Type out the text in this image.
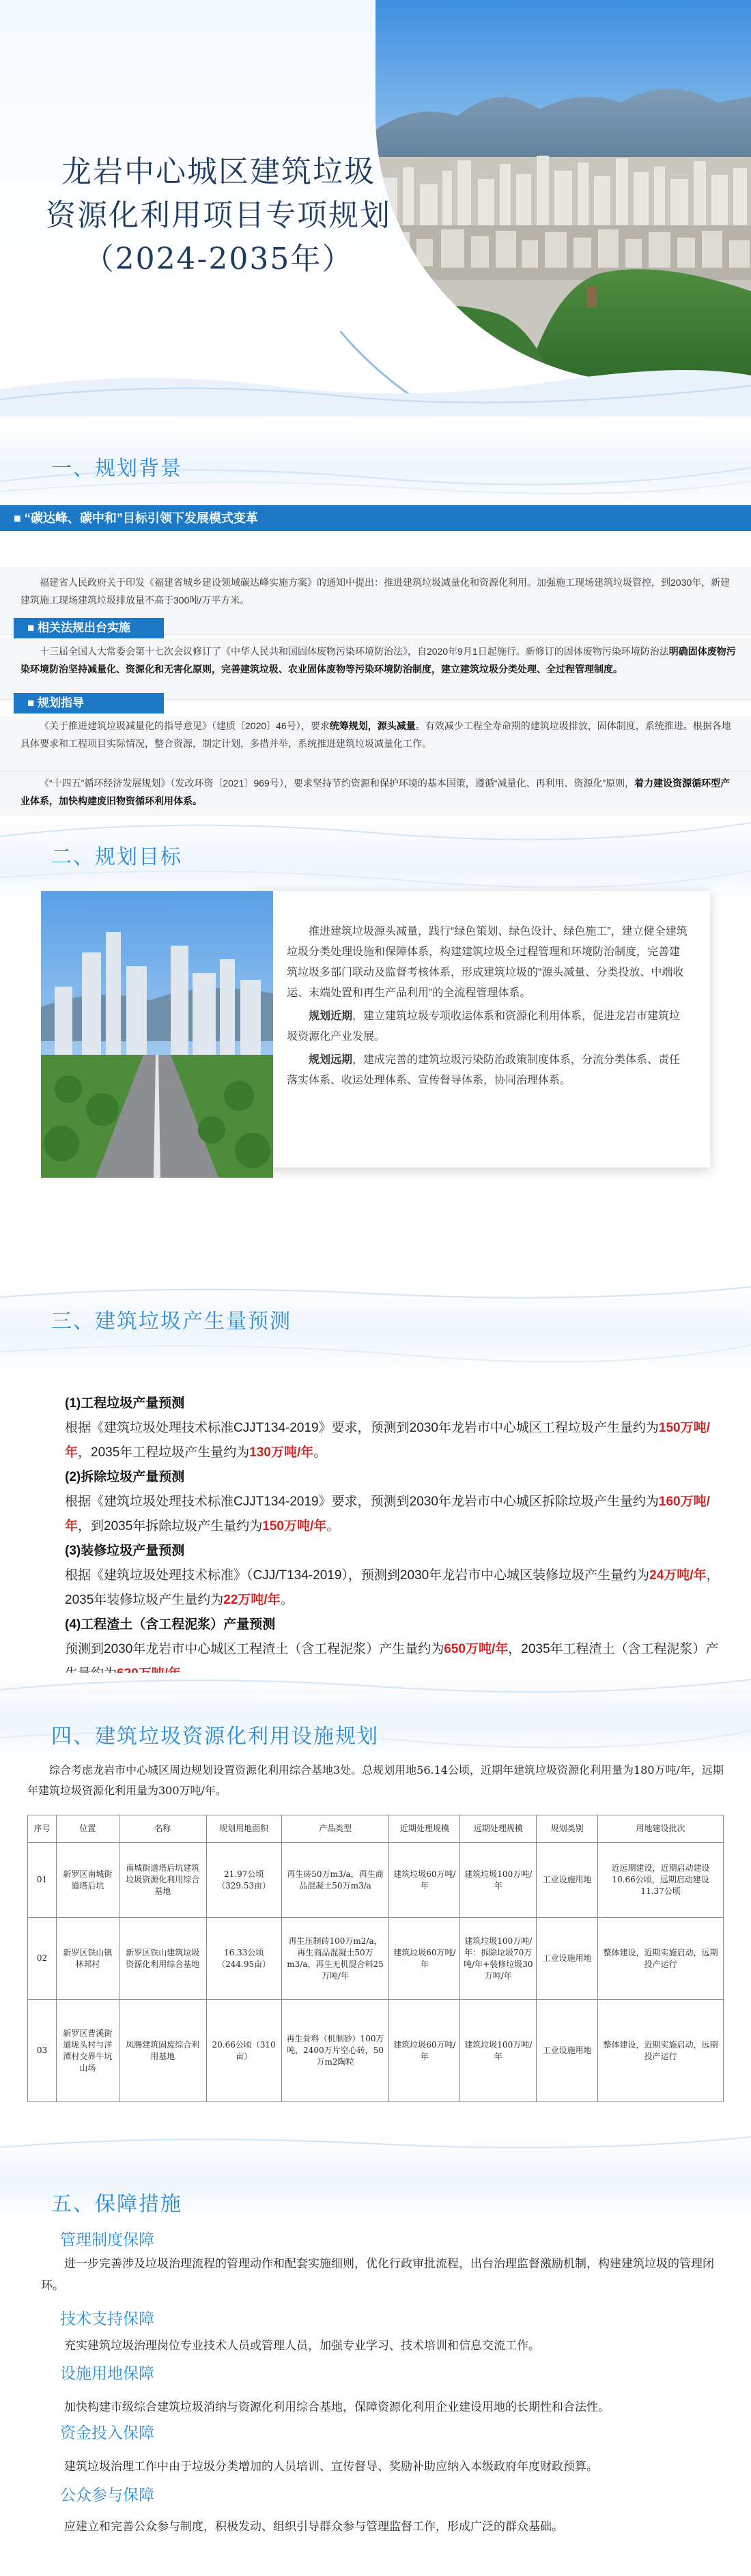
龙岩中心城区建筑垃圾
资源化利用项目专项规划
（2024-2035年）
一、规划背景
■ “碳达峰、碳中和”目标引领下发展模式变革
福建省人民政府关于印发《福建省城乡建设领域碳达峰实施方案》的通知中提出：推进建筑垃圾减量化和资源化利用。加强施工现场建筑垃圾管控，到2030年，新建建筑施工现场建筑垃圾排放量不高于300吨/万平方米。
■ 相关法规出台实施
十三届全国人大常委会第十七次会议修订了《中华人民共和国固体废物污染环境防治法》，自2020年9月1日起施行。新修订的固体废物污染环境防治法明确固体废物污染环境防治坚持减量化、资源化和无害化原则，完善建筑垃圾、农业固体废物等污染环境防治制度，建立建筑垃圾分类处理、全过程管理制度。
■ 规划指导
《关于推进建筑垃圾减量化的指导意见》（建质〔2020〕46号），要求统筹规划，源头减量。有效减少工程全寿命期的建筑垃圾排放，固体制度，系统推进。根据各地具体要求和工程项目实际情况，整合资源，制定计划，多措并举，系统推进建筑垃圾减量化工作。
《“十四五”循环经济发展规划》（发改环资〔2021〕969号），要求坚持节约资源和保护环境的基本国策，遵循“减量化、再利用、资源化”原则，着力建设资源循环型产业体系，加快构建废旧物资循环利用体系。
二、规划目标

推进建筑垃圾源头减量，践行“绿色策划、绿色设计、绿色施工”，建立健全建筑垃圾分类处理设施和保障体系，构建建筑垃圾全过程管理和环境防治制度，完善建筑垃圾多部门联动及监督考核体系，形成建筑垃圾的“源头减量、分类投放、中端收运、末端处置和再生产品利用”的全流程管理体系。

规划近期，建立建筑垃圾专项收运体系和资源化利用体系，促进龙岩市建筑垃圾资源化产业发展。

规划远期，建成完善的建筑垃圾污染防治政策制度体系，分流分类体系、责任落实体系、收运处理体系、宣传督导体系，协同治理体系。

三、建筑垃圾产生量预测
(1)工程垃圾产量预测
根据《建筑垃圾处理技术标准CJJT134-2019》要求，预测到2030年龙岩市中心城区工程垃圾产生量约为150万吨/年，2035年工程垃圾产生量约为130万吨/年。
(2)拆除垃圾产量预测
根据《建筑垃圾处理技术标准CJJT134-2019》要求，预测到2030年龙岩市中心城区拆除垃圾产生量约为160万吨/年，到2035年拆除垃圾产生量约为150万吨/年。
(3)装修垃圾产量预测
根据《建筑垃圾处理技术标准》（CJJ/T134-2019），预测到2030年龙岩市中心城区装修垃圾产生量约为24万吨/年，2035年装修垃圾产生量约为22万吨/年。
(4)工程渣土（含工程泥浆）产量预测
预测到2030年龙岩市中心城区工程渣土（含工程泥浆）产生量约为650万吨/年，2035年工程渣土（含工程泥浆）产
四、建筑垃圾资源化利用设施规划
综合考虑龙岩市中心城区周边规划设置资源化利用综合基地3处。总规划用地56.14公顷，近期年建筑垃圾资源化利用量为180万吨/年，远期年建筑垃圾资源化利用量为300万吨/年。
序号	位置	名称	规划用地面积	产品类型	近期处理规模	远期处理规模	规划类别	用地建设批次
01	新罗区南城街道塔后坑	南城街道塔后坑建筑垃圾资源化利用综合基地	21.97公顷（329.53亩）	再生砖50万m3/a，再生商品混凝土50万m3/a	建筑垃圾60万吨/年	建筑垃圾100万吨/年	工业设施用地	近远期建设，近期启动建设10.66公顷，远期启动建设11.37公顷
02	新罗区铁山镇林邦村	新罗区铁山建筑垃圾资源化利用综合基地	16.33公顷（244.95亩）	再生压制砖100万m2/a，再生商品混凝土50万m3/a，再生无机混合料25万吨/年	建筑垃圾60万吨/年	建筑垃圾100万吨/年：拆除垃圾70万吨/年+装修垃圾30万吨/年	工业设施用地	整体建设，近期实施启动，远期投产运行
03	新罗区曹溪街道垅头村与洋潭村交界牛坑山场	凤腾建筑固废综合利用基地	20.66公顷（310亩）	再生骨料（机制砂）100万吨，2400万片空心砖，50万m2陶粒	建筑垃圾60万吨/年	建筑垃圾100万吨/年	工业设施用地	整体建设，近期实施启动，远期投产运行
五、保障措施
管理制度保障
进一步完善涉及垃圾治理流程的管理动作和配套实施细则，优化行政审批流程，出台治理监督激励机制，构建建筑垃圾的管理闭环。
技术支持保障
充实建筑垃圾治理岗位专业技术人员或管理人员，加强专业学习、技术培训和信息交流工作。
设施用地保障
加快构建市级综合建筑垃圾消纳与资源化利用综合基地，保障资源化利用企业建设用地的长期性和合法性。
资金投入保障
建筑垃圾治理工作中由于垃圾分类增加的人员培训、宣传督导、奖励补助应纳入本级政府年度财政预算。
公众参与保障
应建立和完善公众参与制度，积极发动、组织引导群众参与管理监督工作，形成广泛的群众基础。
